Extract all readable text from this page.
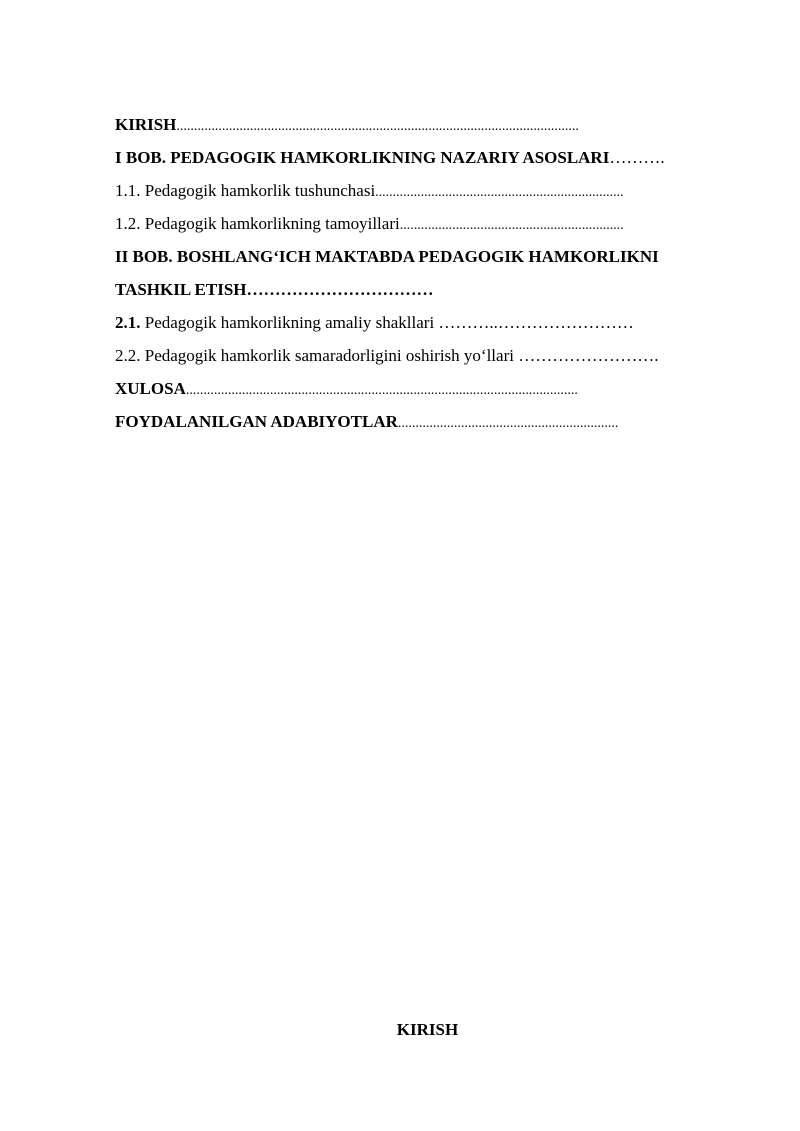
KIRISH...................................................................................................................
I BOB. PEDAGOGIK HAMKORLIKNING NAZARIY ASOSLARI……….
1.1. Pedagogik hamkorlik tushunchasi.......................................................................
1.2. Pedagogik hamkorlikning tamoyillari................................................................
II BOB. BOSHLANG‘ICH MAKTABDA PEDAGOGIK HAMKORLIKNI
TASHKIL ETISH……………………………
2.1. Pedagogik hamkorlikning amaliy shakllari ………..……………………
2.2. Pedagogik hamkorlik samaradorligini oshirish yo‘llari …………………….
XULOSA................................................................................................................
FOYDALANILGAN ADABIYOTLAR...............................................................
KIRISH
